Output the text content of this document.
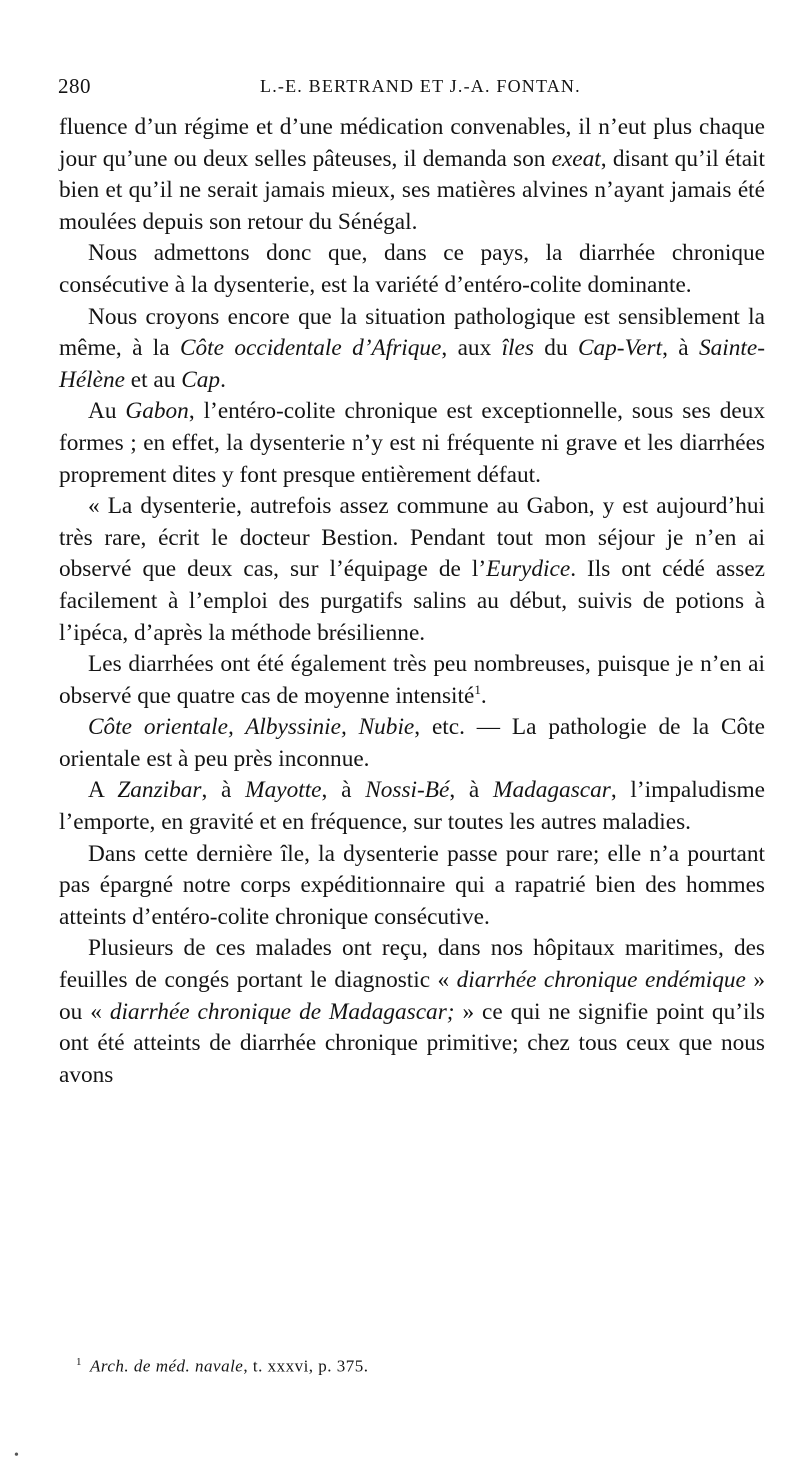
280	L.-E. BERTRAND ET J.-A. FONTAN.

fluence d’un régime et d’une médication convenables, il n’eut plus chaque jour qu’une ou deux selles pâteuses, il demanda son exeat, disant qu’il était bien et qu’il ne serait jamais mieux, ses matières alvines n’ayant jamais été moulées depuis son retour du Sénégal.

Nous admettons donc que, dans ce pays, la diarrhée chronique consécutive à la dysenterie, est la variété d’entéro-colite dominante.

Nous croyons encore que la situation pathologique est sensiblement la même, à la Côte occidentale d’Afrique, aux îles du Cap-Vert, à Sainte-Hélène et au Cap.

Au Gabon, l’entéro-colite chronique est exceptionnelle, sous ses deux formes ; en effet, la dysenterie n’y est ni fréquente ni grave et les diarrhées proprement dites y font presque entièrement défaut.

« La dysenterie, autrefois assez commune au Gabon, y est aujourd’hui très rare, écrit le docteur Bestion. Pendant tout mon séjour je n’en ai observé que deux cas, sur l’équipage de l’Eurydice. Ils ont cédé assez facilement à l’emploi des purgatifs salins au début, suivis de potions à l’ipéca, d’après la méthode brésilienne.

Les diarrhées ont été également très peu nombreuses, puisque je n’en ai observé que quatre cas de moyenne intensité$^1$.

Côte orientale, Albyssinie, Nubie, etc. — La pathologie de la Côte orientale est à peu près inconnue.

A Zanzibar, à Mayotte, à Nossi-Bé, à Madagascar, l’impaludisme l’emporte, en gravité et en fréquence, sur toutes les autres maladies.

Dans cette dernière île, la dysenterie passe pour rare; elle n’a pourtant pas épargné notre corps expéditionnaire qui a rapatrié bien des hommes atteints d’entéro-colite chronique consécutive.

Plusieurs de ces malades ont reçu, dans nos hôpitaux maritimes, des feuilles de congés portant le diagnostic « diarrhée chronique endémique » ou « diarrhée chronique de Madagascar; » ce qui ne signifie point qu’ils ont été atteints de diarrhée chronique primitive; chez tous ceux que nous avons

$^1$ Arch. de méd. navale, t. xxxvi, p. 375.
•
